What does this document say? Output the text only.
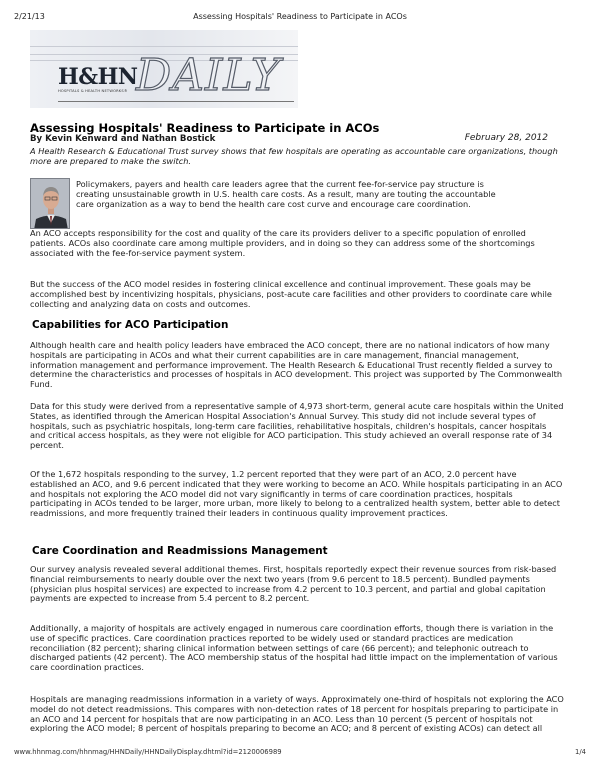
2/21/13	Assessing Hospitals' Readiness to Participate in ACOs
DAILY
H&HN
HOSPITALS & HEALTH NETWORKS®
Assessing Hospitals' Readiness to Participate in ACOs
By Kevin Kenward and Nathan Bostick	February 28, 2012
A Health Research & Educational Trust survey shows that few hospitals are operating as accountable care organizations, though more are prepared to make the switch.
Policymakers, payers and health care leaders agree that the current fee-for-service pay structure is creating unsustainable growth in U.S. health care costs. As a result, many are touting the accountable care organization as a way to bend the health care cost curve and encourage care coordination.
An ACO accepts responsibility for the cost and quality of the care its providers deliver to a specific population of enrolled patients. ACOs also coordinate care among multiple providers, and in doing so they can address some of the shortcomings associated with the fee-for-service payment system.
But the success of the ACO model resides in fostering clinical excellence and continual improvement. These goals may be accomplished best by incentivizing hospitals, physicians, post-acute care facilities and other providers to coordinate care while collecting and analyzing data on costs and outcomes.
Capabilities for ACO Participation
Although health care and health policy leaders have embraced the ACO concept, there are no national indicators of how many hospitals are participating in ACOs and what their current capabilities are in care management, financial management, information management and performance improvement. The Health Research & Educational Trust recently fielded a survey to determine the characteristics and processes of hospitals in ACO development. This project was supported by The Commonwealth Fund.
Data for this study were derived from a representative sample of 4,973 short-term, general acute care hospitals within the United States, as identified through the American Hospital Association's Annual Survey. This study did not include several types of hospitals, such as psychiatric hospitals, long-term care facilities, rehabilitative hospitals, children's hospitals, cancer hospitals and critical access hospitals, as they were not eligible for ACO participation. This study achieved an overall response rate of 34 percent.
Of the 1,672 hospitals responding to the survey, 1.2 percent reported that they were part of an ACO, 2.0 percent have established an ACO, and 9.6 percent indicated that they were working to become an ACO. While hospitals participating in an ACO and hospitals not exploring the ACO model did not vary significantly in terms of care coordination practices, hospitals participating in ACOs tended to be larger, more urban, more likely to belong to a centralized health system, better able to detect readmissions, and more frequently trained their leaders in continuous quality improvement practices.
Care Coordination and Readmissions Management
Our survey analysis revealed several additional themes. First, hospitals reportedly expect their revenue sources from risk-based financial reimbursements to nearly double over the next two years (from 9.6 percent to 18.5 percent). Bundled payments (physician plus hospital services) are expected to increase from 4.2 percent to 10.3 percent, and partial and global capitation payments are expected to increase from 5.4 percent to 8.2 percent.
Additionally, a majority of hospitals are actively engaged in numerous care coordination efforts, though there is variation in the use of specific practices. Care coordination practices reported to be widely used or standard practices are medication reconciliation (82 percent); sharing clinical information between settings of care (66 percent); and telephonic outreach to discharged patients (42 percent). The ACO membership status of the hospital had little impact on the implementation of various care coordination practices.
Hospitals are managing readmissions information in a variety of ways. Approximately one-third of hospitals not exploring the ACO model do not detect readmissions. This compares with non-detection rates of 18 percent for hospitals preparing to participate in an ACO and 14 percent for hospitals that are now participating in an ACO. Less than 10 percent (5 percent of hospitals not exploring the ACO model; 8 percent of hospitals preparing to become an ACO; and 8 percent of existing ACOs) can detect all
www.hhnmag.com/hhnmag/HHNDaily/HHNDailyDisplay.dhtml?id=2120006989	1/4
